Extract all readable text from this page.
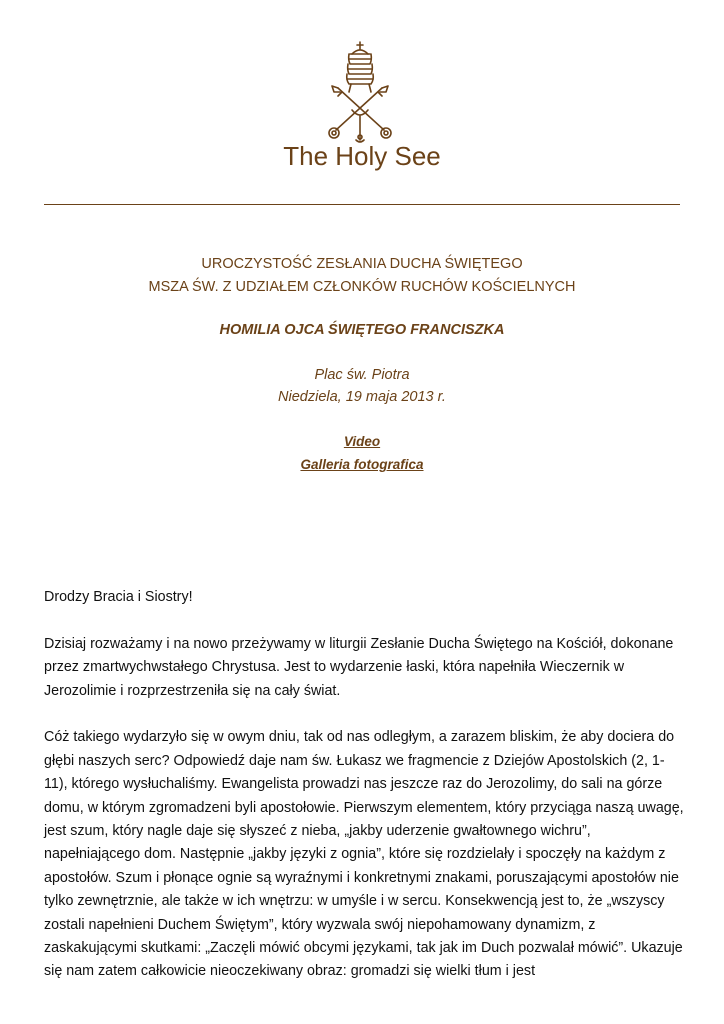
The Holy See
UROCZYSTOŚĆ ZESŁANIA DUCHA ŚWIĘTEGO
MSZA ŚW. Z UDZIAŁEM CZŁONKÓW RUCHÓW KOŚCIELNYCH
HOMILIA OJCA ŚWIĘTEGO FRANCISZKA
Plac św. Piotra
Niedziela, 19 maja 2013 r.
Video
Galleria fotografica

Drodzy Bracia i Siostry!

Dzisiaj rozważamy i na nowo przeżywamy w liturgii Zesłanie Ducha Świętego na Kościół, dokonane przez zmartwychwstałego Chrystusa. Jest to wydarzenie łaski, która napełniła Wieczernik w Jerozolimie i rozprzestrzeniła się na cały świat.

Cóż takiego wydarzyło się w owym dniu, tak od nas odległym, a zarazem bliskim, że aby dociera do głębi naszych serc? Odpowiedź daje nam św. Łukasz we fragmencie z Dziejów Apostolskich (2, 1-11), którego wysłuchaliśmy. Ewangelista prowadzi nas jeszcze raz do Jerozolimy, do sali na górze domu, w którym zgromadzeni byli apostołowie. Pierwszym elementem, który przyciąga naszą uwagę, jest szum, który nagle daje się słyszeć z nieba, „jakby uderzenie gwałtownego wichru”, napełniającego dom. Następnie „jakby języki z ognia”, które się rozdzielały i spoczęły na każdym z apostołów. Szum i płonące ognie są wyraźnymi i konkretnymi znakami, poruszającymi apostołów nie tylko zewnętrznie, ale także w ich wnętrzu: w umyśle i w sercu. Konsekwencją jest to, że „wszyscy zostali napełnieni Duchem Świętym”, który wyzwala swój niepohamowany dynamizm, z zaskakującymi skutkami: „Zaczęli mówić obcymi językami, tak jak im Duch pozwalał mówić”. Ukazuje się nam zatem całkowicie nieoczekiwany obraz: gromadzi się wielki tłum i jest
